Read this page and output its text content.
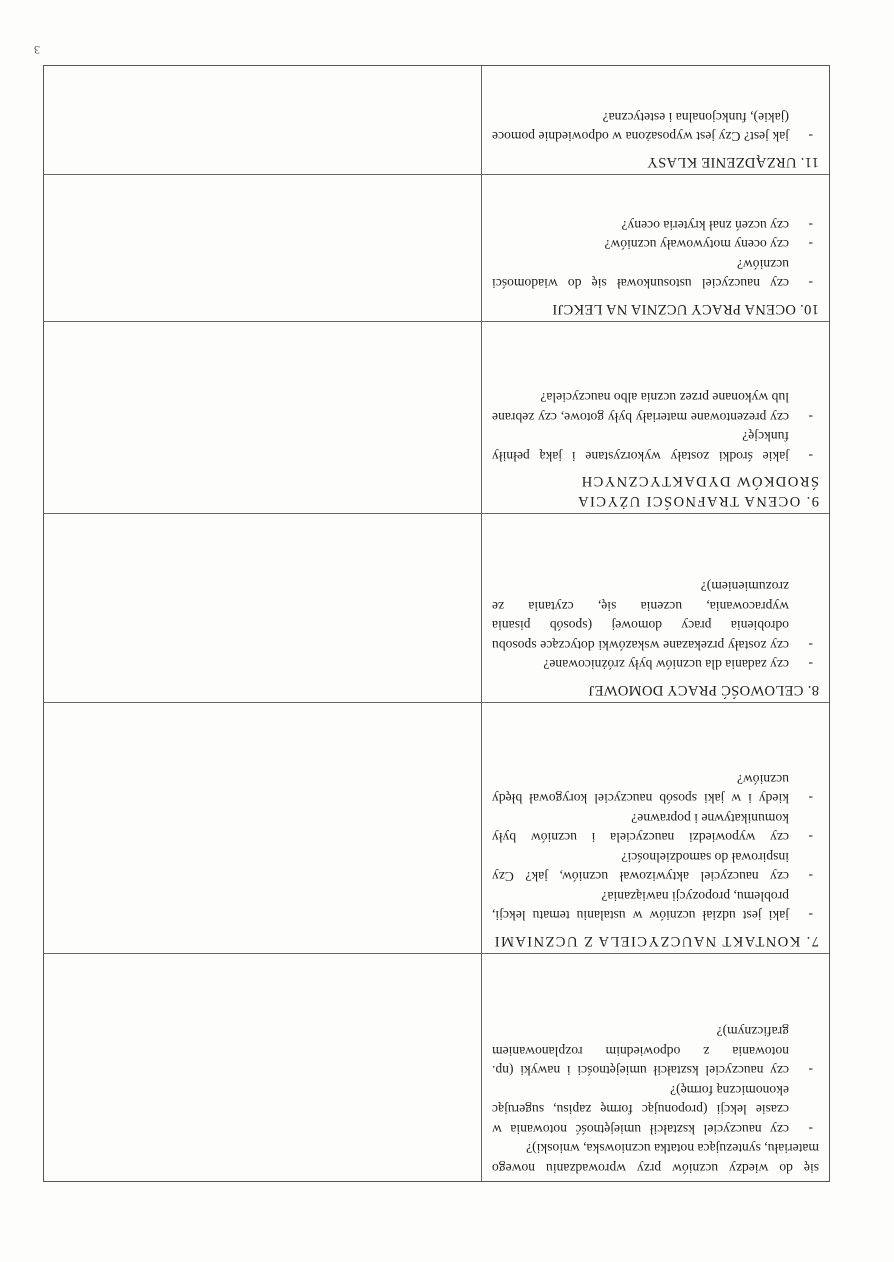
się do wiedzy uczniów przy wprowadzaniu nowego materiału, syntezująca notatka uczniowska, wnioski)?
- czy nauczyciel kształcił umiejętność notowania w czasie lekcji (proponując formę zapisu, sugerując ekonomiczną formę)?
- czy nauczyciel kształcił umiejętności i nawyki (np. notowania z odpowiednim rozplanowaniem graficznym)?
7. KONTAKT NAUCZYCIELA Z UCZNIAMI
- jaki jest udział uczniów w ustalaniu tematu lekcji, problemu, propozycji nawiązania?
- czy nauczyciel aktywizował uczniów, jak? Czy inspirował do samodzielności?
- czy wypowiedzi nauczyciela i uczniów były komunikatywne i poprawne?
- kiedy i w jaki sposób nauczyciel korygował błędy uczniów?
8. CELOWOŚĆ PRACY DOMOWEJ
- czy zadania dla uczniów były zróżnicowane?
- czy zostały przekazane wskazówki dotyczące sposobu odrobienia pracy domowej (sposób pisania wypracowania, uczenia się, czytania ze zrozumieniem)?
9. OCENA TRAFNOŚCI UŻYCIA ŚRODKÓW DYDAKTYCZNYCH
- jakie środki zostały wykorzystane i jaką pełniły funkcję?
- czy prezentowane materiały były gotowe, czy zebrane lub wykonane przez ucznia albo nauczyciela?
10. OCENA PRACY UCZNIA NA LEKCJI
- czy nauczyciel ustosunkował się do wiadomości uczniów?
- czy oceny motywowały uczniów?
- czy uczeń znał kryteria oceny?
11. URZĄDZENIE KLASY
- jak jest? Czy jest wyposażona w odpowiednie pomoce (jakie), funkcjonalna i estetyczna?
3
